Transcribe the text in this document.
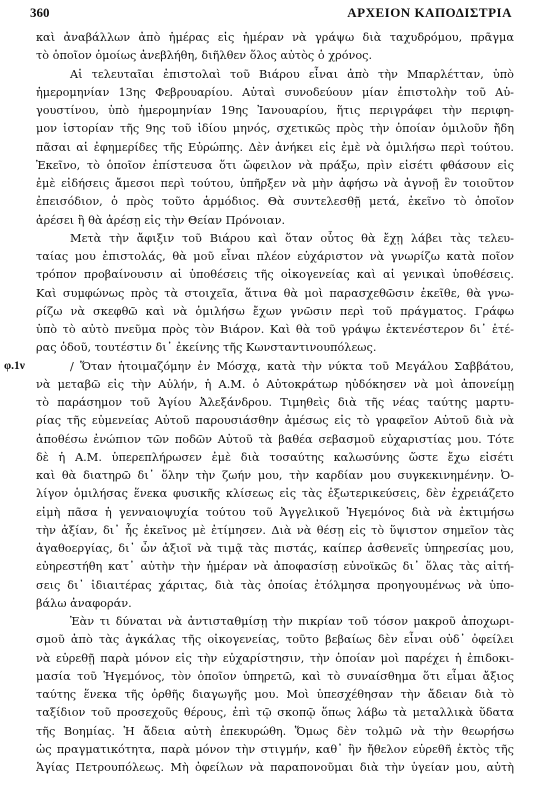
360	ΑΡΧΕΙΟΝ ΚΑΠΟΔΙΣΤΡΙΑ
φ.1ν
καὶ ἀναβάλλων ἀπὸ ἡμέρας εἰς ἡμέραν νὰ γράψω διὰ ταχυδρόμου, πρᾶγμα
τὸ ὁποῖον ὁμοίως ἀνεβλήθη, διῆλθεν ὅλος αὐτὸς ὁ χρόνος.
Αἱ τελευταῖαι ἐπιστολαὶ τοῦ Βιάρου εἶναι ἀπὸ τὴν Μπαρλέτταν, ὑπὸ
ἡμερομηνίαν 13ης Φεβρουαρίου. Αὐταὶ συνοδεύουν μίαν ἐπιστολὴν τοῦ Αὐ-
γουστίνου, ὑπὸ ἡμερομηνίαν 19ης Ἰανουαρίου, ἥτις περιγράφει τὴν περιφη-
μον ἱστορίαν τῆς 9ης τοῦ ἰδίου μηνός, σχετικῶς πρὸς τὴν ὁποίαν ὁμιλοῦν ἤδη
πᾶσαι αἱ ἐφημερίδες τῆς Εὐρώπης. Δὲν ἀνήκει εἰς ἐμὲ νὰ ὁμιλήσω περὶ τούτου.
Ἐκεῖνο, τὸ ὁποῖον ἐπίστευσα ὅτι ὤφειλον νὰ πράξω, πρὶν εἰσέτι φθάσουν εἰς
ἐμὲ εἰδήσεις ἄμεσοι περὶ τούτου, ὑπῆρξεν νὰ μὴν ἀφήσω νὰ ἀγνοῇ ἓν τοιοῦτον
ἐπεισόδιον, ὁ πρὸς τοῦτο ἁρμόδιος. Θὰ συντελεσθῇ μετά, ἐκεῖνο τὸ ὁποῖον
ἀρέσει ἢ θὰ ἀρέσῃ εἰς τὴν Θείαν Πρόνοιαν.
Μετὰ τὴν ἄφιξιν τοῦ Βιάρου καὶ ὅταν οὗτος θὰ ἔχῃ λάβει τὰς τελευ-
ταίας μου ἐπιστολάς, θὰ μοῦ εἶναι πλέον εὐχάριστον νὰ γνωρίζω κατὰ ποῖον
τρόπον προβαίνουσιν αἱ ὑποθέσεις τῆς οἰκογενείας καὶ αἱ γενικαὶ ὑποθέσεις.
Καὶ συμφώνως πρὸς τὰ στοιχεῖα, ἅτινα θὰ μοὶ παρασχεθῶσιν ἐκεῖθε, θὰ γνω-
ρίζω νὰ σκεφθῶ καὶ νὰ ὁμιλήσω ἔχων γνῶσιν περὶ τοῦ πράγματος. Γράφω
ὑπὸ τὸ αὐτὸ πνεῦμα πρὸς τὸν Βιάρον. Καὶ θὰ τοῦ γράψω ἐκτενέστερον δι᾽ ἑτέ-
ρας ὁδοῦ, τουτέστιν δι᾽ ἐκείνης τῆς Κωνσταντινουπόλεως.
/ Ὅταν ἡτοιμαζόμην ἐν Μόσχᾳ, κατὰ τὴν νύκτα τοῦ Μεγάλου Σαββάτου,
νὰ μεταβῶ εἰς τὴν Αὐλήν, ἡ Α.Μ. ὁ Αὐτοκράτωρ ηὐδόκησεν νὰ μοὶ ἀπονείμῃ
τὸ παράσημον τοῦ Ἁγίου Ἀλεξάνδρου. Τιμηθεὶς διὰ τῆς νέας ταύτης μαρτυ-
ρίας τῆς εὐμενείας Αὐτοῦ παρουσιάσθην ἀμέσως εἰς τὸ γραφεῖον Αὐτοῦ διὰ νὰ
ἀποθέσω ἐνώπιον τῶν ποδῶν Αὐτοῦ τὰ βαθέα σεβασμοῦ εὐχαριστίας μου. Τότε
δὲ ἡ Α.Μ. ὑπερεπλήρωσεν ἐμὲ διὰ τοσαύτης καλωσύνης ὥστε ἔχω εἰσέτι
καὶ θὰ διατηρῶ δι᾽ ὅλην τὴν ζωήν μου, τὴν καρδίαν μου συγκεκινημένην. Ὀ-
λίγον ὁμιλήσας ἕνεκα φυσικῆς κλίσεως εἰς τὰς ἐξωτερικεύσεις, δὲν ἐχρειάζετο
εἰμὴ πᾶσα ἡ γενναιοψυχία τούτου τοῦ Ἀγγελικοῦ Ἡγεμόνος διὰ νὰ ἐκτιμήσω
τὴν ἀξίαν, δι᾽ ἧς ἐκεῖνος μὲ ἐτίμησεν. Διὰ νὰ θέσῃ εἰς τὸ ὕψιστον σημεῖον τὰς
ἀγαθοεργίας, δι᾽ ὧν ἀξιοῖ νὰ τιμᾷ τὰς πιστάς, καίπερ ἀσθενεῖς ὑπηρεσίας μου,
εὐηρεστήθη κατ᾽ αὐτὴν τὴν ἡμέραν νὰ ἀποφασίσῃ εὐνοϊκῶς δι᾽ ὅλας τὰς αἰτή-
σεις δι᾽ ἰδιαιτέρας χάριτας, διὰ τὰς ὁποίας ἐτόλμησα προηγουμένως νὰ ὑπο-
βάλω ἀναφοράν.
Ἐὰν τι δύναται νὰ ἀντισταθμίσῃ τὴν πικρίαν τοῦ τόσον μακροῦ ἀποχωρι-
σμοῦ ἀπὸ τὰς ἀγκάλας τῆς οἰκογενείας, τοῦτο βεβαίως δὲν εἶναι οὐδ᾽ ὀφείλει
νὰ εὑρεθῇ παρὰ μόνον εἰς τὴν εὐχαρίστησιν, τὴν ὁποίαν μοὶ παρέχει ἡ ἐπιδοκι-
μασία τοῦ Ἡγεμόνος, τὸν ὁποῖον ὑπηρετῶ, καὶ τὸ συναίσθημα ὅτι εἶμαι ἄξιος
ταύτης ἕνεκα τῆς ὀρθῆς διαγωγῆς μου. Μοὶ ὑπεσχέθησαν τὴν ἄδειαν διὰ τὸ
ταξίδιον τοῦ προσεχοῦς θέρους, ἐπὶ τῷ σκοπῷ ὅπως λάβω τὰ μεταλλικὰ ὕδατα
τῆς Βοημίας. Ἡ ἄδεια αὐτὴ ἐπεκυρώθη. Ὅμως δὲν τολμῶ νὰ τὴν θεωρήσω
ὡς πραγματικότητα, παρὰ μόνον τὴν στιγμήν, καθ᾽ ἣν ἤθελον εὑρεθῆ ἐκτὸς τῆς
Ἁγίας Πετρουπόλεως. Μὴ ὀφείλων νὰ παραπονοῦμαι διὰ τὴν ὑγείαν μου, αὐτὴ
